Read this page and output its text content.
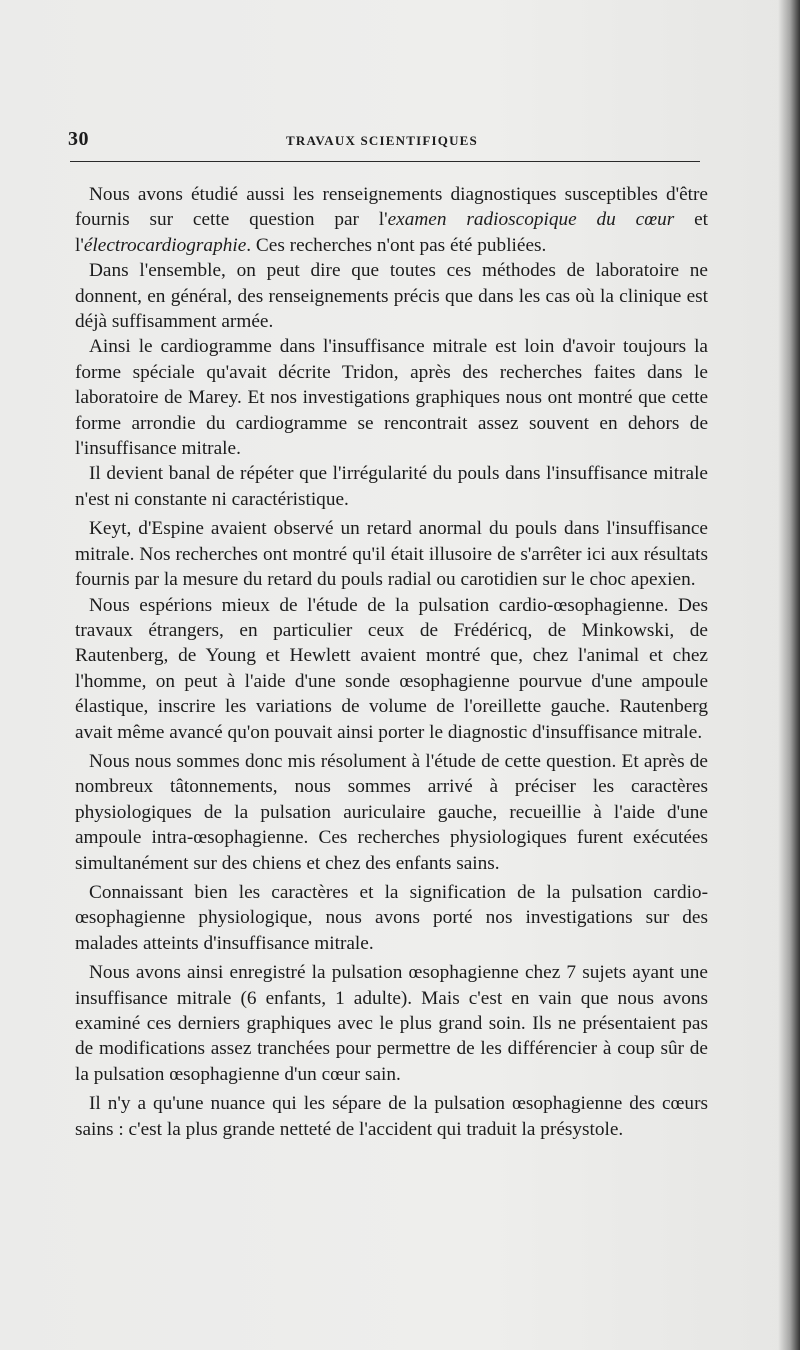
30	TRAVAUX SCIENTIFIQUES

Nous avons étudié aussi les renseignements diagnostiques susceptibles d'être fournis sur cette question par l'examen radioscopique du cœur et l'électrocardiographie. Ces recherches n'ont pas été publiées.

Dans l'ensemble, on peut dire que toutes ces méthodes de laboratoire ne donnent, en général, des renseignements précis que dans les cas où la clinique est déjà suffisamment armée.

Ainsi le cardiogramme dans l'insuffisance mitrale est loin d'avoir toujours la forme spéciale qu'avait décrite Tridon, après des recherches faites dans le laboratoire de Marey. Et nos investigations graphiques nous ont montré que cette forme arrondie du cardiogramme se rencontrait assez souvent en dehors de l'insuffisance mitrale.

Il devient banal de répéter que l'irrégularité du pouls dans l'insuffisance mitrale n'est ni constante ni caractéristique.

Keyt, d'Espine avaient observé un retard anormal du pouls dans l'insuffisance mitrale. Nos recherches ont montré qu'il était illusoire de s'arrêter ici aux résultats fournis par la mesure du retard du pouls radial ou carotidien sur le choc apexien.

Nous espérions mieux de l'étude de la pulsation cardio-œsophagienne. Des travaux étrangers, en particulier ceux de Frédéricq, de Minkowski, de Rautenberg, de Young et Hewlett avaient montré que, chez l'animal et chez l'homme, on peut à l'aide d'une sonde œsophagienne pourvue d'une ampoule élastique, inscrire les variations de volume de l'oreillette gauche. Rautenberg avait même avancé qu'on pouvait ainsi porter le diagnostic d'insuffisance mitrale.

Nous nous sommes donc mis résolument à l'étude de cette question. Et après de nombreux tâtonnements, nous sommes arrivé à préciser les caractères physiologiques de la pulsation auriculaire gauche, recueillie à l'aide d'une ampoule intra-œsophagienne. Ces recherches physiologiques furent exécutées simultanément sur des chiens et chez des enfants sains.

Connaissant bien les caractères et la signification de la pulsation cardio-œsophagienne physiologique, nous avons porté nos investigations sur des malades atteints d'insuffisance mitrale.

Nous avons ainsi enregistré la pulsation œsophagienne chez 7 sujets ayant une insuffisance mitrale (6 enfants, 1 adulte). Mais c'est en vain que nous avons examiné ces derniers graphiques avec le plus grand soin. Ils ne présentaient pas de modifications assez tranchées pour permettre de les différencier à coup sûr de la pulsation œsophagienne d'un cœur sain.

Il n'y a qu'une nuance qui les sépare de la pulsation œsophagienne des cœurs sains : c'est la plus grande netteté de l'accident qui traduit la présystole.
